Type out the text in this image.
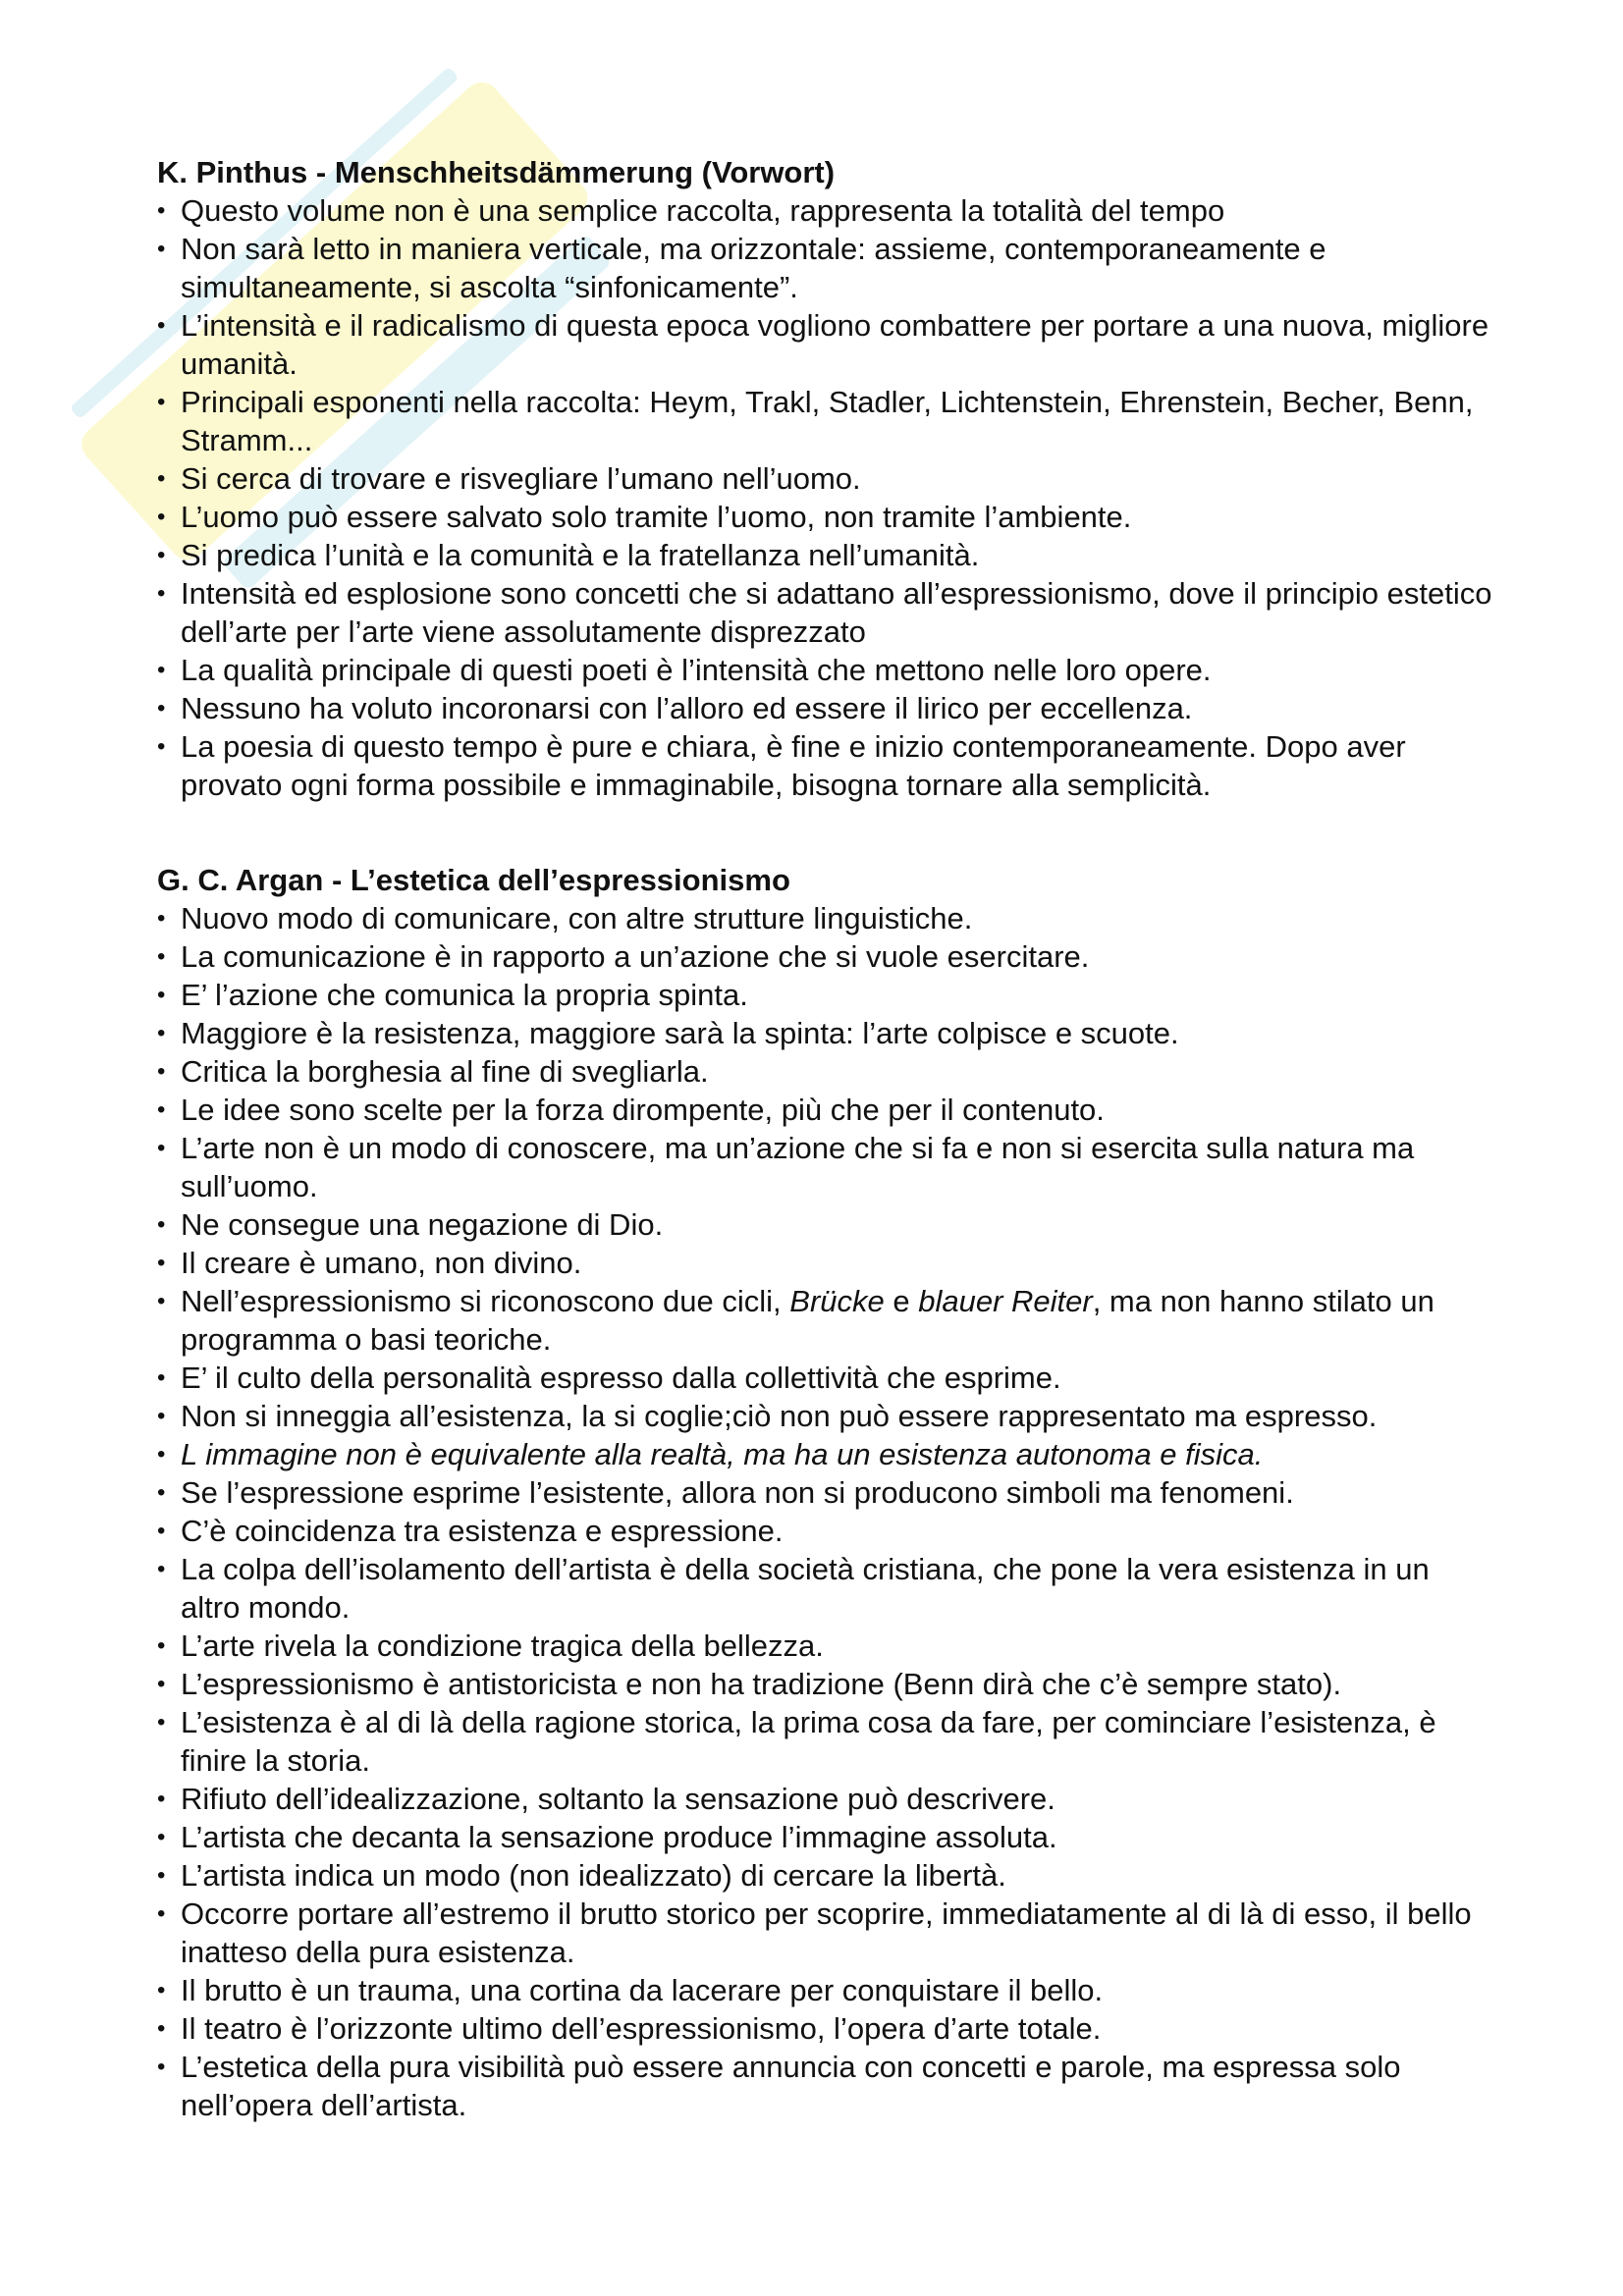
K. Pinthus - Menschheitsdämmerung (Vorwort)
• Questo volume non è una semplice raccolta, rappresenta la totalità del tempo
• Non sarà letto in maniera verticale, ma orizzontale: assieme, contemporaneamente e simultaneamente, si ascolta “sinfonicamente”.
• L’intensità e il radicalismo di questa epoca vogliono combattere per portare a una nuova, migliore umanità.
• Principali esponenti nella raccolta: Heym, Trakl, Stadler, Lichtenstein, Ehrenstein, Becher, Benn, Stramm...
• Si cerca di trovare e risvegliare l’umano nell’uomo.
• L’uomo può essere salvato solo tramite l’uomo, non tramite l’ambiente.
• Si predica l’unità e la comunità e la fratellanza nell’umanità.
• Intensità ed esplosione sono concetti che si adattano all’espressionismo, dove il principio estetico dell’arte per l’arte viene assolutamente disprezzato
• La qualità principale di questi poeti è l’intensità che mettono nelle loro opere.
• Nessuno ha voluto incoronarsi con l’alloro ed essere il lirico per eccellenza.
• La poesia di questo tempo è pure e chiara, è fine e inizio contemporaneamente. Dopo aver provato ogni forma possibile e immaginabile, bisogna tornare alla semplicità.
G. C. Argan - L’estetica dell’espressionismo
• Nuovo modo di comunicare, con altre strutture linguistiche.
• La comunicazione è in rapporto a un’azione che si vuole esercitare.
• E’ l’azione che comunica la propria spinta.
• Maggiore è la resistenza, maggiore sarà la spinta: l’arte colpisce e scuote.
• Critica la borghesia al fine di svegliarla.
• Le idee sono scelte per la forza dirompente, più che per il contenuto.
• L’arte non è un modo di conoscere, ma un’azione che si fa e non si esercita sulla natura ma sull’uomo.
• Ne consegue una negazione di Dio.
• Il creare è umano, non divino.
• Nell’espressionismo si riconoscono due cicli, Brücke e blauer Reiter, ma non hanno stilato un programma o basi teoriche.
• E’ il culto della personalità espresso dalla collettività che esprime.
• Non si inneggia all’esistenza, la si coglie;ciò non può essere rappresentato ma espresso.
• L immagine non è equivalente alla realtà, ma ha un esistenza autonoma e fisica.
• Se l’espressione esprime l’esistente, allora non si producono simboli ma fenomeni.
• C’è coincidenza tra esistenza e espressione.
• La colpa dell’isolamento dell’artista è della società cristiana, che pone la vera esistenza in un altro mondo.
• L’arte rivela la condizione tragica della bellezza.
• L’espressionismo è antistoricista e non ha tradizione (Benn dirà che c’è sempre stato).
• L’esistenza è al di là della ragione storica, la prima cosa da fare, per cominciare l’esistenza, è finire la storia.
• Rifiuto dell’idealizzazione, soltanto la sensazione può descrivere.
• L’artista che decanta la sensazione produce l’immagine assoluta.
• L’artista indica un modo (non idealizzato) di cercare la libertà.
• Occorre portare all’estremo il brutto storico per scoprire, immediatamente al di là di esso, il bello inatteso della pura esistenza.
• Il brutto è un trauma, una cortina da lacerare per conquistare il bello.
• Il teatro è l’orizzonte ultimo dell’espressionismo, l’opera d’arte totale.
• L’estetica della pura visibilità può essere annuncia con concetti e parole, ma espressa solo nell’opera dell’artista.
